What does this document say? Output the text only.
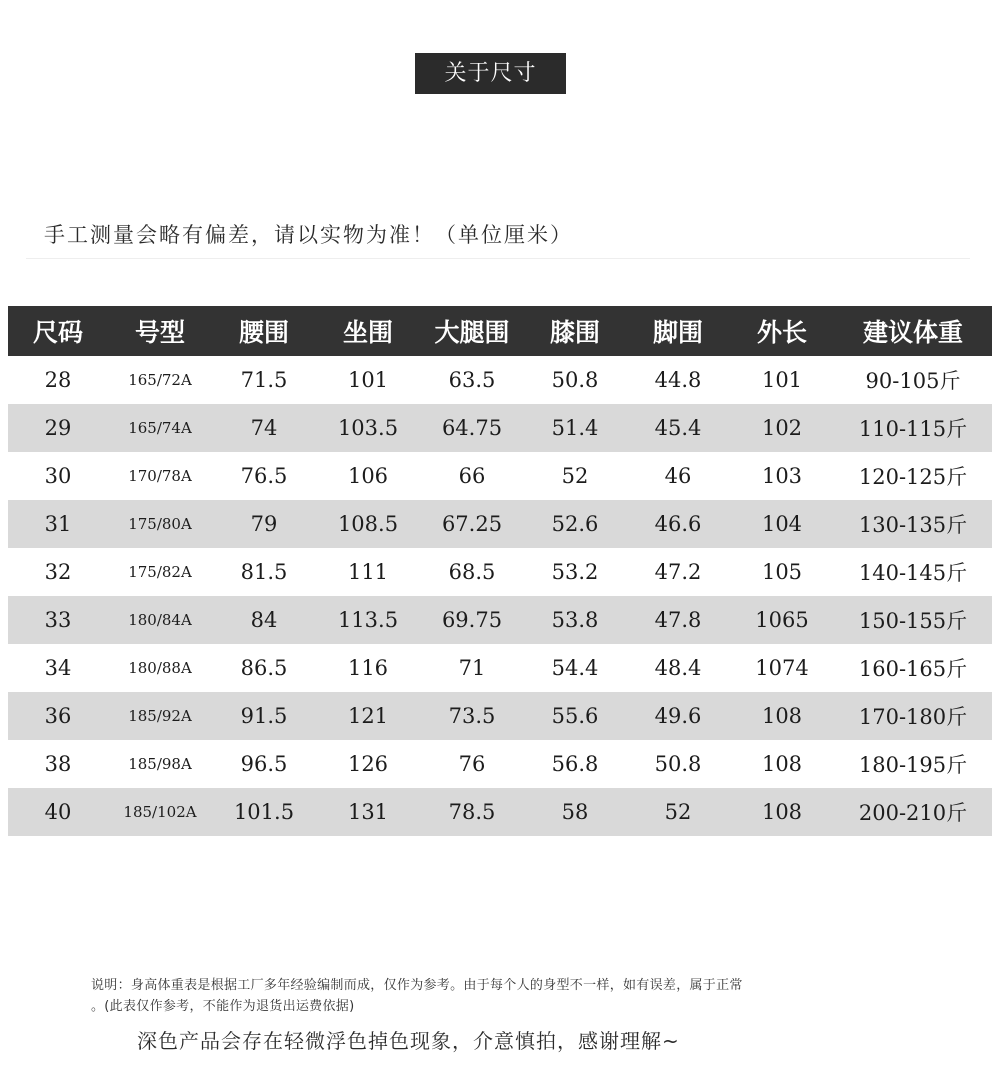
关于尺寸
手工测量会略有偏差，请以实物为准！（单位厘米）
尺码	号型	腰围	坐围	大腿围	膝围	脚围	外长	建议体重
28	165/72A	71.5	101	63.5	50.8	44.8	101	90-105斤
29	165/74A	74	103.5	64.75	51.4	45.4	102	110-115斤
30	170/78A	76.5	106	66	52	46	103	120-125斤
31	175/80A	79	108.5	67.25	52.6	46.6	104	130-135斤
32	175/82A	81.5	111	68.5	53.2	47.2	105	140-145斤
33	180/84A	84	113.5	69.75	53.8	47.8	1065	150-155斤
34	180/88A	86.5	116	71	54.4	48.4	1074	160-165斤
36	185/92A	91.5	121	73.5	55.6	49.6	108	170-180斤
38	185/98A	96.5	126	76	56.8	50.8	108	180-195斤
40	185/102A	101.5	131	78.5	58	52	108	200-210斤
说明：身高体重表是根据工厂多年经验编制而成，仅作为参考。由于每个人的身型不一样，如有误差，属于正常
。(此表仅作参考，不能作为退货出运费依据)
深色产品会存在轻微浮色掉色现象，介意慎拍，感谢理解~
